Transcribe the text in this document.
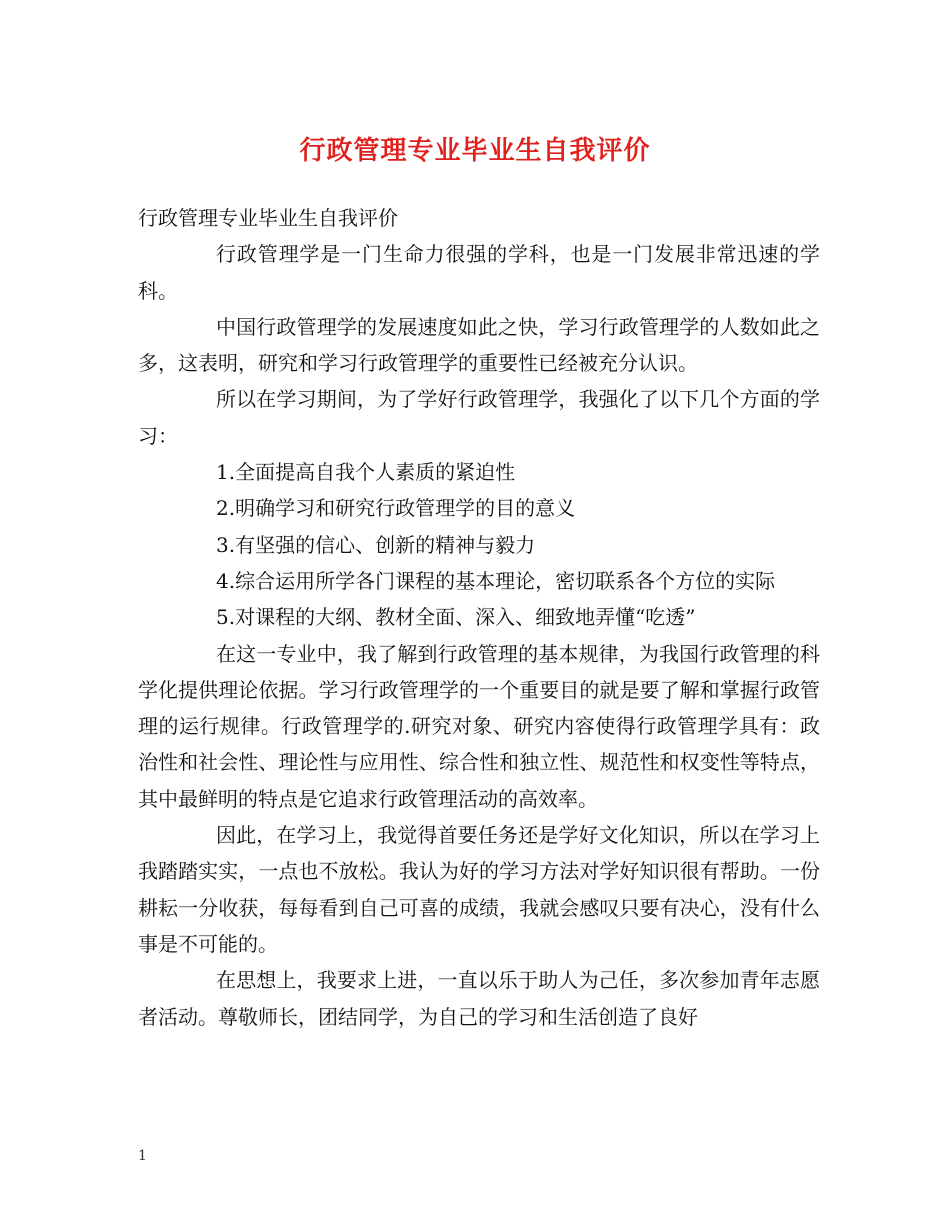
行政管理专业毕业生自我评价

行政管理专业毕业生自我评价

行政管理学是一门生命力很强的学科，也是一门发展非常迅速的学科。

中国行政管理学的发展速度如此之快，学习行政管理学的人数如此之多，这表明，研究和学习行政管理学的重要性已经被充分认识。

所以在学习期间，为了学好行政管理学，我强化了以下几个方面的学习：

1.全面提高自我个人素质的紧迫性

2.明确学习和研究行政管理学的目的意义

3.有坚强的信心、创新的精神与毅力

4.综合运用所学各门课程的基本理论，密切联系各个方位的实际

5.对课程的大纲、教材全面、深入、细致地弄懂“吃透”

在这一专业中，我了解到行政管理的基本规律，为我国行政管理的科学化提供理论依据。学习行政管理学的一个重要目的就是要了解和掌握行政管理的运行规律。行政管理学的.研究对象、研究内容使得行政管理学具有：政治性和社会性、理论性与应用性、综合性和独立性、规范性和权变性等特点，其中最鲜明的特点是它追求行政管理活动的高效率。

因此，在学习上，我觉得首要任务还是学好文化知识，所以在学习上我踏踏实实，一点也不放松。我认为好的学习方法对学好知识很有帮助。一份耕耘一分收获，每每看到自己可喜的成绩，我就会感叹只要有决心，没有什么事是不可能的。

在思想上，我要求上进，一直以乐于助人为己任，多次参加青年志愿者活动。尊敬师长，团结同学，为自己的学习和生活创造了良好

1
